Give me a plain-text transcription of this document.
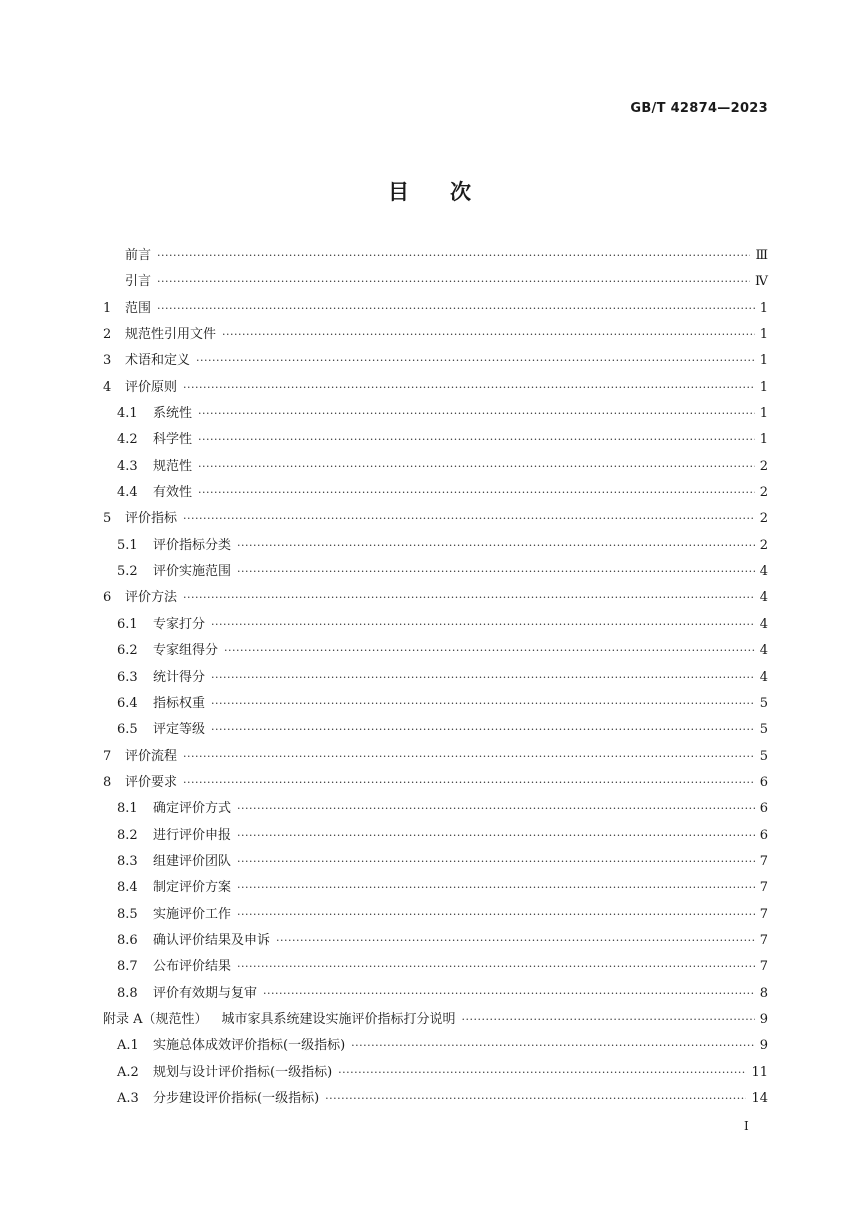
GB/T 42874—2023
目 次
前言 ·····	Ⅲ
引言 ·····	Ⅳ
1	范围 ·····	1
2	规范性引用文件 ·····	1
3	术语和定义 ·····	1
4	评价原则 ·····	1
4.1	系统性 ·····	1
4.2	科学性 ·····	1
4.3	规范性 ·····	2
4.4	有效性 ·····	2
5	评价指标 ·····	2
5.1	评价指标分类 ·····	2
5.2	评价实施范围 ·····	4
6	评价方法 ·····	4
6.1	专家打分 ·····	4
6.2	专家组得分 ·····	4
6.3	统计得分 ·····	4
6.4	指标权重 ·····	5
6.5	评定等级 ·····	5
7	评价流程 ·····	5
8	评价要求 ·····	6
8.1	确定评价方式 ·····	6
8.2	进行评价申报 ·····	6
8.3	组建评价团队 ·····	7
8.4	制定评价方案 ·····	7
8.5	实施评价工作 ·····	7
8.6	确认评价结果及申诉 ·····	7
8.7	公布评价结果 ·····	7
8.8	评价有效期与复审 ·····	8
附录 A（规范性）	城市家具系统建设实施评价指标打分说明 ·····	9
A.1	实施总体成效评价指标(一级指标) ·····	9
A.2	规划与设计评价指标(一级指标) ·····	11
A.3	分步建设评价指标(一级指标) ·····	14
I
